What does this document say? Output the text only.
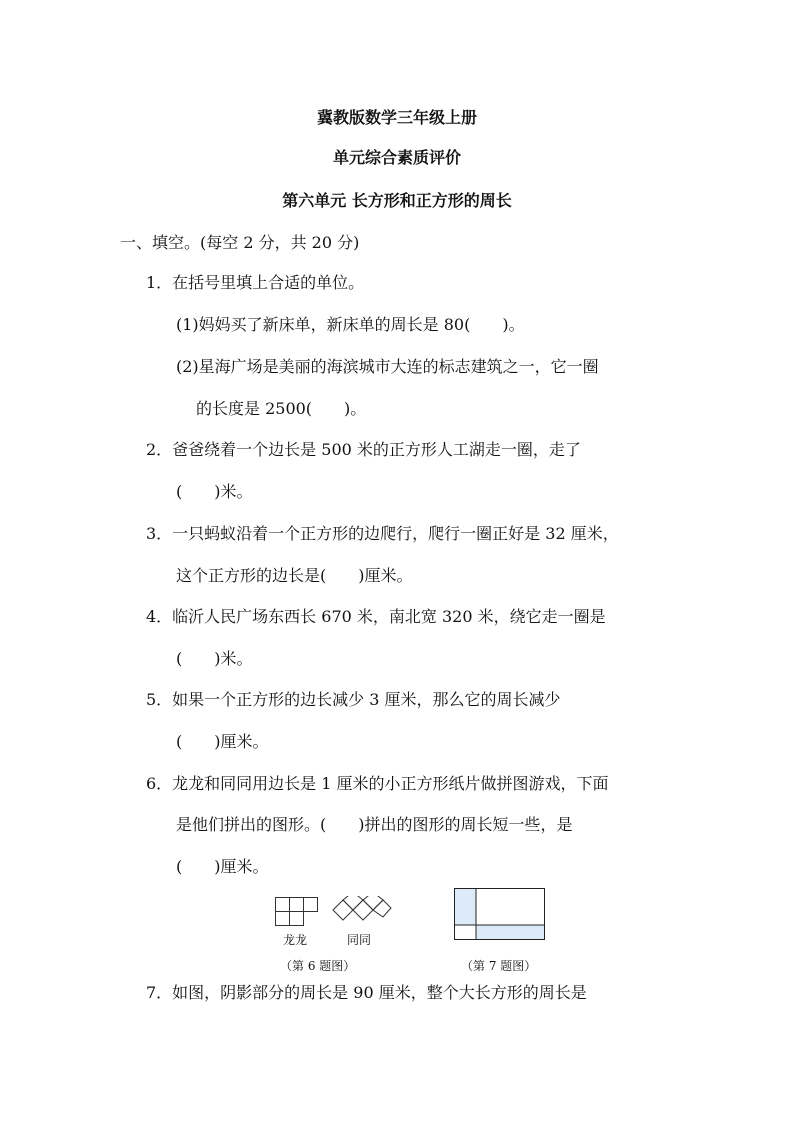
冀教版数学三年级上册
单元综合素质评价
第六单元 长方形和正方形的周长
一、填空。(每空 2 分，共 20 分)
1．在括号里填上合适的单位。
(1)妈妈买了新床单，新床单的周长是 80(　　)。
(2)星海广场是美丽的海滨城市大连的标志建筑之一，它一圈
的长度是 2500(　　)。
2．爸爸绕着一个边长是 500 米的正方形人工湖走一圈，走了
(　　)米。
3．一只蚂蚁沿着一个正方形的边爬行，爬行一圈正好是 32 厘米，
这个正方形的边长是(　　)厘米。
4．临沂人民广场东西长 670 米，南北宽 320 米，绕它走一圈是
(　　)米。
5．如果一个正方形的边长减少 3 厘米，那么它的周长减少
(　　)厘米。
6．龙龙和同同用边长是 1 厘米的小正方形纸片做拼图游戏，下面
是他们拼出的图形。(　　)拼出的图形的周长短一些，是
(　　)厘米。
龙龙	同同
（第 6 题图）	（第 7 题图）
7．如图，阴影部分的周长是 90 厘米，整个大长方形的周长是
